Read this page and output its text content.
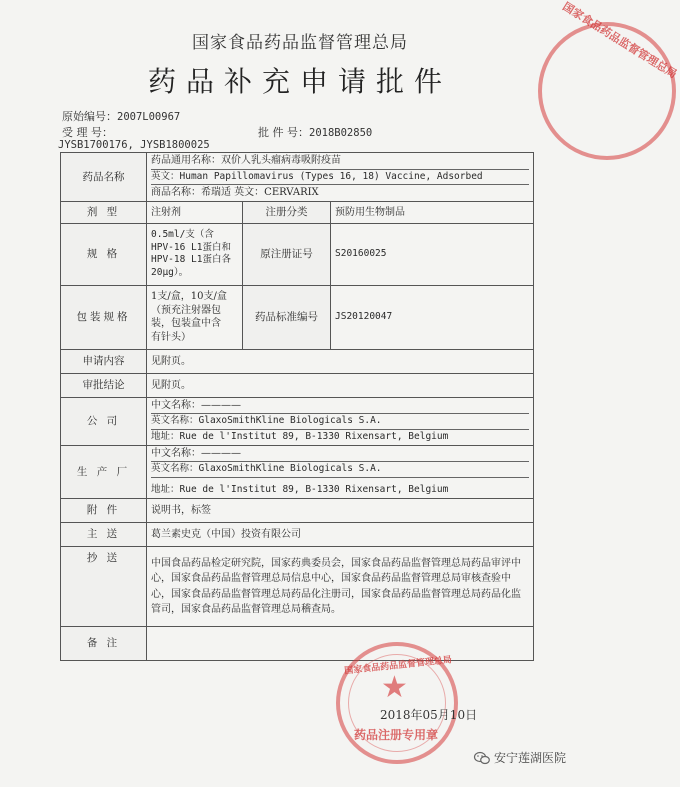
国家食品药品监督管理总局
药品补充申请批件
原始编号：2007L00967
受 理 号：	批 件 号：2018B02850
JYSB1700176, JYSB1800025
药品名称	药品通用名称：双价人乳头瘤病毒吸附疫苗
英文：Human Papillomavirus (Types 16, 18) Vaccine, Adsorbed
商品名称：希瑞适 英文：CERVARIX		

剂 型	注射剂	注册分类	预防用生物制品
规 格	0.5ml/支（含
HPV-16 L1蛋白和
HPV-18 L1蛋白各
20μg）。	原注册证号	S20160025
包装规格	1支/盒，10支/盒
（预充注射器包
装，包装盒中含
有针头）	药品标准编号	JS20120047
申请内容	见附页。		
审批结论	见附页。		
公 司	中文名称：————
英文名称：GlaxoSmithKline Biologicals S.A.
地址：Rue de l'Institut 89, B-1330 Rixensart, Belgium		

生 产 厂	中文名称：————
英文名称：GlaxoSmithKline Biologicals S.A.
地址：Rue de l'Institut 89, B-1330 Rixensart, Belgium		

附 件	说明书，标签		
主 送	葛兰素史克（中国）投资有限公司		
抄 送	中国食品药品检定研究院，国家药典委员会，国家食品药品监督管理总局药品审评中心，国家食品药品监督管理总局信息中心，国家食品药品监督管理总局审核查验中心，国家食品药品监督管理总局药品化注册司，国家食品药品监督管理总局药品化监管司，国家食品药品监督管理总局稽查局。		
备 注			
国家食品药品监督管理总局
国家食品药品监督管理总局
★
药品注册专用章
2018年05月10日
安宁莲湖医院
